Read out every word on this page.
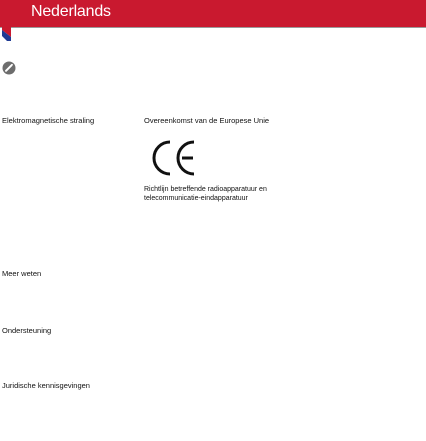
Nederlands
Elektromagnetische straling	Overeenkomst van de Europese Unie
Richtlijn betreffende radioapparatuur en telecommunicatie-eindapparatuur
Meer weten
Ondersteuning
Juridische kennisgevingen
